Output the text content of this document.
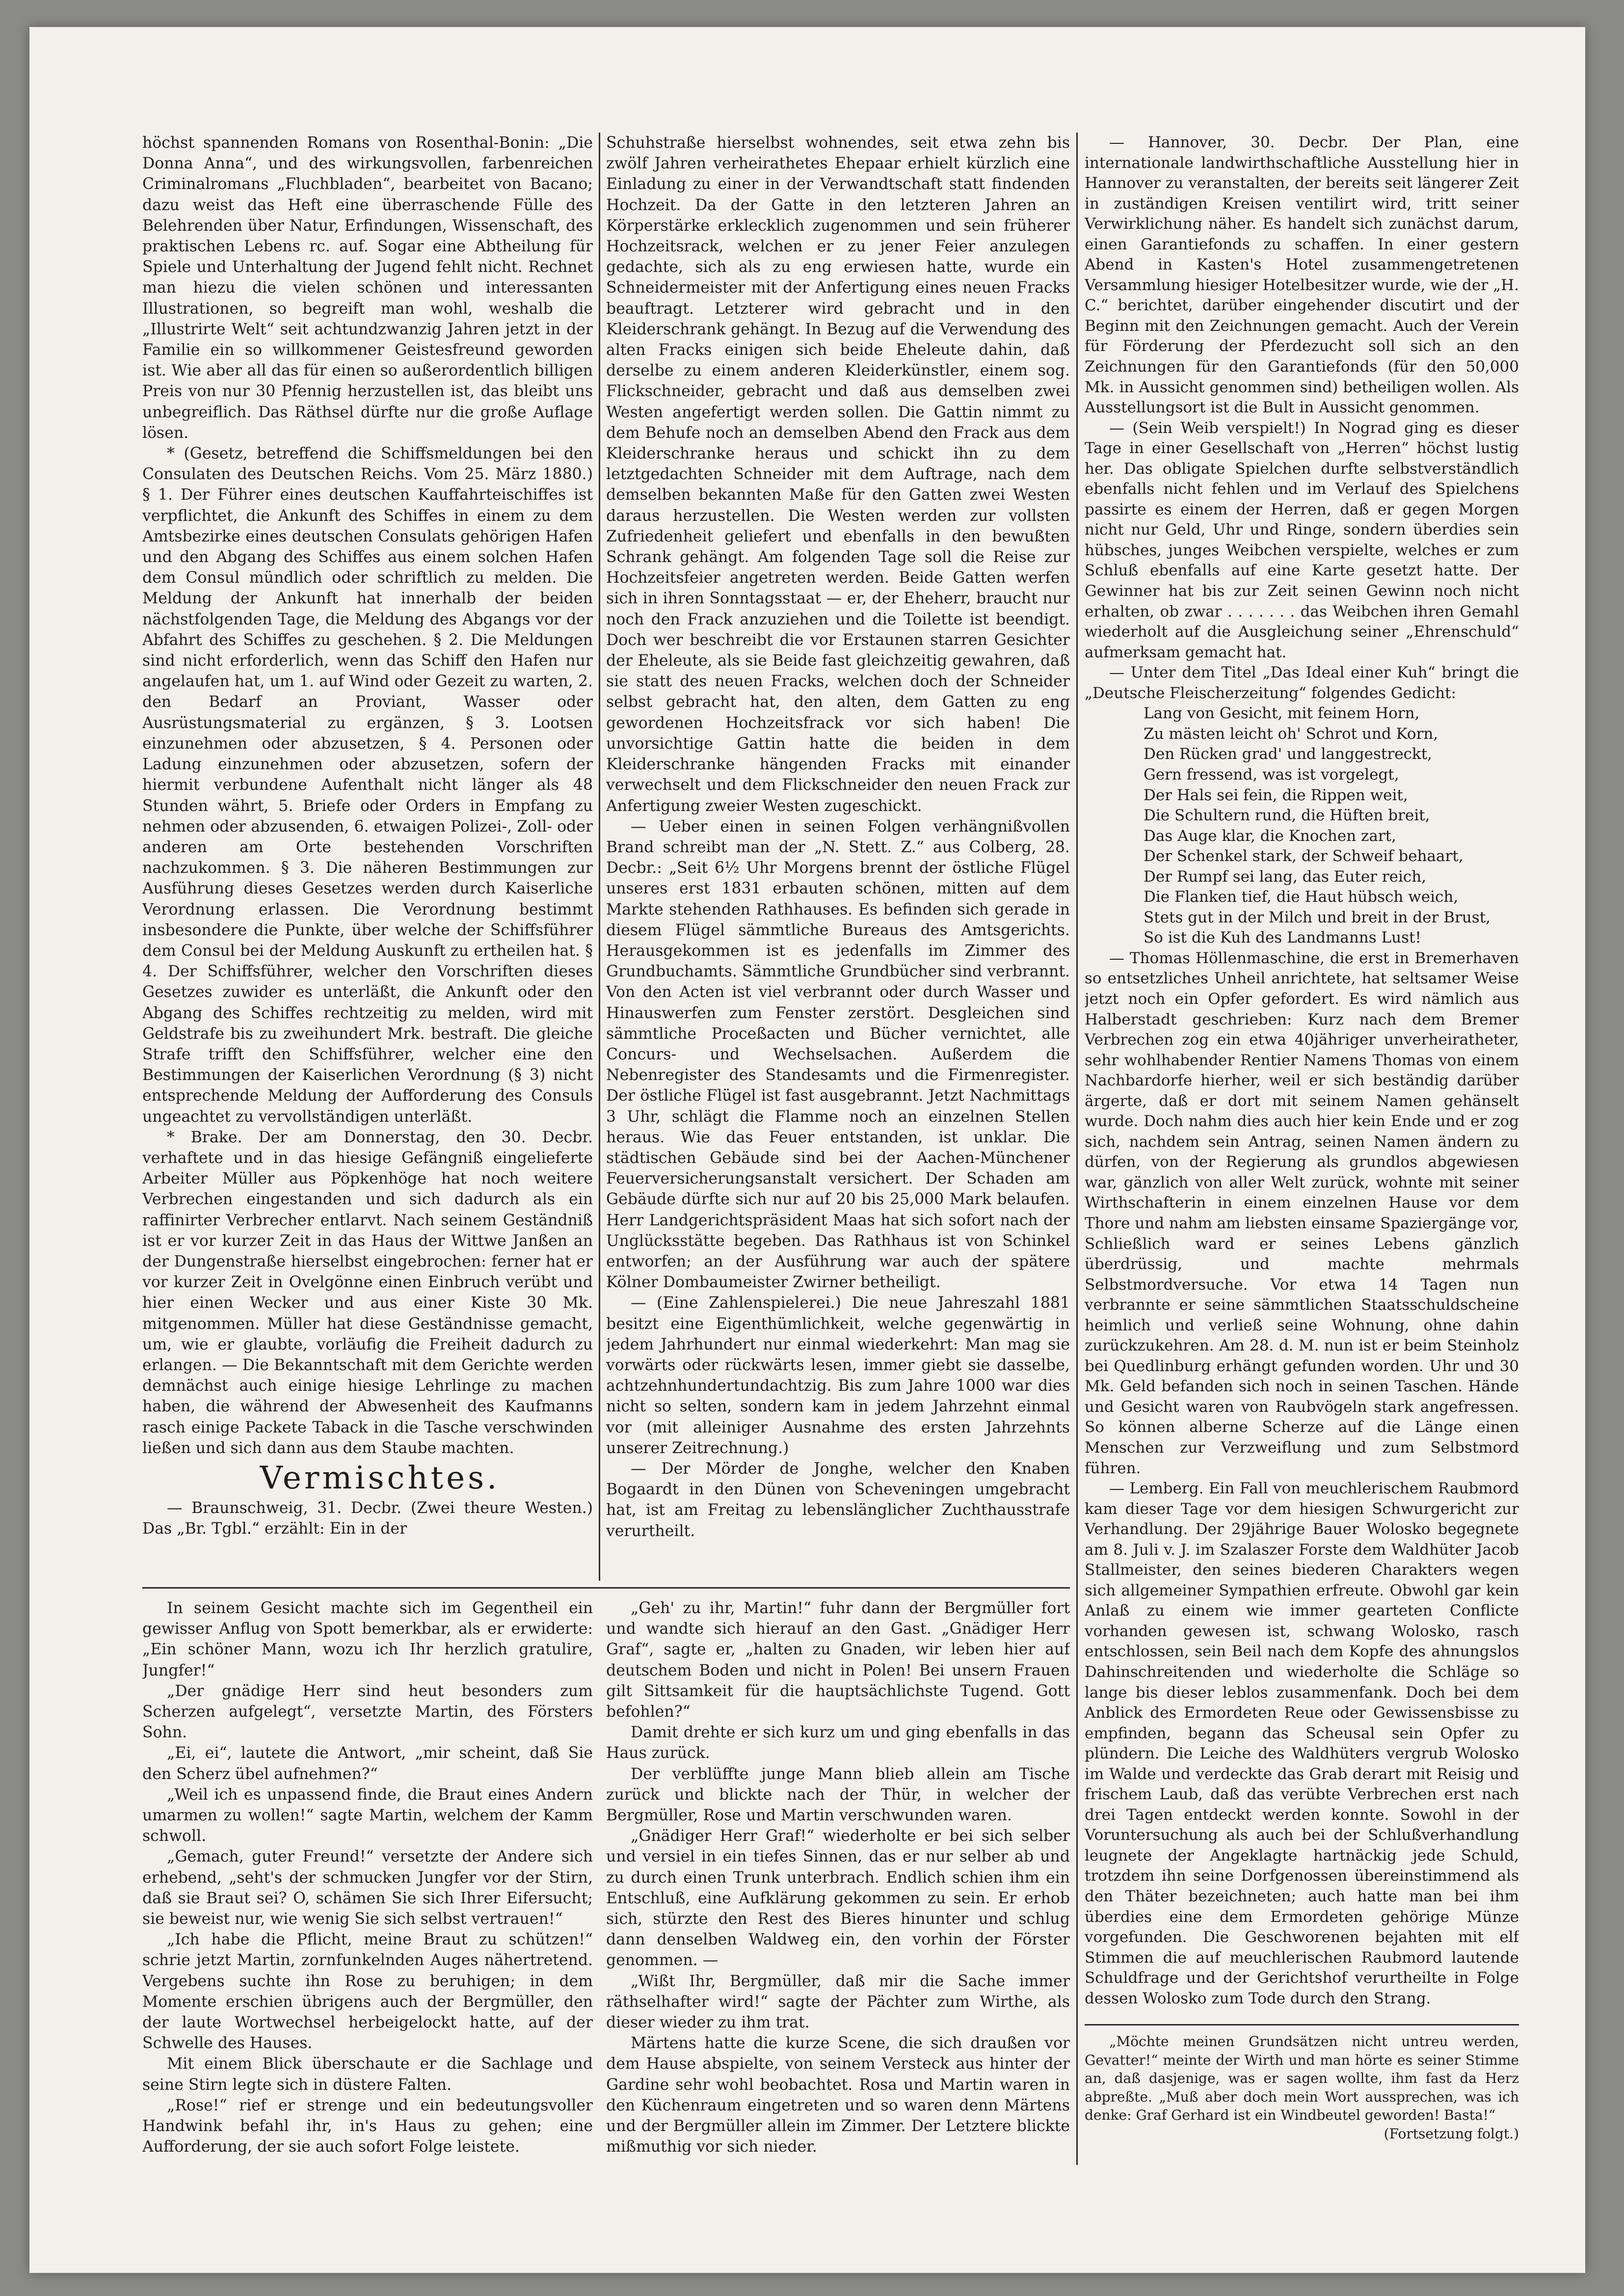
höchst spannenden Romans von Rosenthal-Bonin: „Die Donna Anna“, und des wirkungsvollen, farbenreichen Criminalromans „Fluchbladen“, bearbeitet von Bacano; dazu weist das Heft eine überraschende Fülle des Belehrenden über Natur, Erfindungen, Wissenschaft, des praktischen Lebens rc. auf. Sogar eine Abtheilung für Spiele und Unterhaltung der Jugend fehlt nicht. Rechnet man hiezu die vielen schönen und interessanten Illustrationen, so begreift man wohl, weshalb die „Illustrirte Welt“ seit achtundzwanzig Jahren jetzt in der Familie ein so willkommener Geistesfreund geworden ist. Wie aber all das für einen so außerordentlich billigen Preis von nur 30 Pfennig herzustellen ist, das bleibt uns unbegreiflich. Das Räthsel dürfte nur die große Auflage lösen.

* (Gesetz, betreffend die Schiffsmeldungen bei den Consulaten des Deutschen Reichs. Vom 25. März 1880.) § 1. Der Führer eines deutschen Kauffahrteischiffes ist verpflichtet, die Ankunft des Schiffes in einem zu dem Amtsbezirke eines deutschen Consulats gehörigen Hafen und den Abgang des Schiffes aus einem solchen Hafen dem Consul mündlich oder schriftlich zu melden. Die Meldung der Ankunft hat innerhalb der beiden nächstfolgenden Tage, die Meldung des Abgangs vor der Abfahrt des Schiffes zu geschehen. § 2. Die Meldungen sind nicht erforderlich, wenn das Schiff den Hafen nur angelaufen hat, um 1. auf Wind oder Gezeit zu warten, 2. den Bedarf an Proviant, Wasser oder Ausrüstungsmaterial zu ergänzen, § 3. Lootsen einzunehmen oder abzusetzen, § 4. Personen oder Ladung einzunehmen oder abzusetzen, sofern der hiermit verbundene Aufenthalt nicht länger als 48 Stunden währt, 5. Briefe oder Orders in Empfang zu nehmen oder abzusenden, 6. etwaigen Polizei-, Zoll- oder anderen am Orte bestehenden Vorschriften nachzukommen. § 3. Die näheren Bestimmungen zur Ausführung dieses Gesetzes werden durch Kaiserliche Verordnung erlassen. Die Verordnung bestimmt insbesondere die Punkte, über welche der Schiffsführer dem Consul bei der Meldung Auskunft zu ertheilen hat. § 4. Der Schiffsführer, welcher den Vorschriften dieses Gesetzes zuwider es unterläßt, die Ankunft oder den Abgang des Schiffes rechtzeitig zu melden, wird mit Geldstrafe bis zu zweihundert Mrk. bestraft. Die gleiche Strafe trifft den Schiffsführer, welcher eine den Bestimmungen der Kaiserlichen Verordnung (§ 3) nicht entsprechende Meldung der Aufforderung des Consuls ungeachtet zu vervollständigen unterläßt.

* Brake. Der am Donnerstag, den 30. Decbr. verhaftete und in das hiesige Gefängniß eingelieferte Arbeiter Müller aus Pöpkenhöge hat noch weitere Verbrechen eingestanden und sich dadurch als ein raffinirter Verbrecher entlarvt. Nach seinem Geständniß ist er vor kurzer Zeit in das Haus der Wittwe Janßen an der Dungenstraße hierselbst eingebrochen: ferner hat er vor kurzer Zeit in Ovelgönne einen Einbruch verübt und hier einen Wecker und aus einer Kiste 30 Mk. mitgenommen. Müller hat diese Geständnisse gemacht, um, wie er glaubte, vorläufig die Freiheit dadurch zu erlangen. — Die Bekanntschaft mit dem Gerichte werden demnächst auch einige hiesige Lehrlinge zu machen haben, die während der Abwesenheit des Kaufmanns rasch einige Packete Taback in die Tasche verschwinden ließen und sich dann aus dem Staube machten.

Vermischtes.

— Braunschweig, 31. Decbr. (Zwei theure Westen.) Das „Br. Tgbl.“ erzählt: Ein in der

Schuhstraße hierselbst wohnendes, seit etwa zehn bis zwölf Jahren verheirathetes Ehepaar erhielt kürzlich eine Einladung zu einer in der Verwandtschaft statt findenden Hochzeit. Da der Gatte in den letzteren Jahren an Körperstärke erklecklich zugenommen und sein früherer Hochzeitsrack, welchen er zu jener Feier anzulegen gedachte, sich als zu eng erwiesen hatte, wurde ein Schneidermeister mit der Anfertigung eines neuen Fracks beauftragt. Letzterer wird gebracht und in den Kleiderschrank gehängt. In Bezug auf die Verwendung des alten Fracks einigen sich beide Eheleute dahin, daß derselbe zu einem anderen Kleiderkünstler, einem sog. Flickschneider, gebracht und daß aus demselben zwei Westen angefertigt werden sollen. Die Gattin nimmt zu dem Behufe noch an demselben Abend den Frack aus dem Kleiderschranke heraus und schickt ihn zu dem letztgedachten Schneider mit dem Auftrage, nach dem demselben bekannten Maße für den Gatten zwei Westen daraus herzustellen. Die Westen werden zur vollsten Zufriedenheit geliefert und ebenfalls in den bewußten Schrank gehängt. Am folgenden Tage soll die Reise zur Hochzeitsfeier angetreten werden. Beide Gatten werfen sich in ihren Sonntagsstaat — er, der Eheherr, braucht nur noch den Frack anzuziehen und die Toilette ist beendigt. Doch wer beschreibt die vor Erstaunen starren Gesichter der Eheleute, als sie Beide fast gleichzeitig gewahren, daß sie statt des neuen Fracks, welchen doch der Schneider selbst gebracht hat, den alten, dem Gatten zu eng gewordenen Hochzeitsfrack vor sich haben! Die unvorsichtige Gattin hatte die beiden in dem Kleiderschranke hängenden Fracks mit einander verwechselt und dem Flickschneider den neuen Frack zur Anfertigung zweier Westen zugeschickt.

— Ueber einen in seinen Folgen verhängnißvollen Brand schreibt man der „N. Stett. Z.“ aus Colberg, 28. Decbr.: „Seit 6½ Uhr Morgens brennt der östliche Flügel unseres erst 1831 erbauten schönen, mitten auf dem Markte stehenden Rathhauses. Es befinden sich gerade in diesem Flügel sämmtliche Bureaus des Amtsgerichts. Herausgekommen ist es jedenfalls im Zimmer des Grundbuchamts. Sämmtliche Grundbücher sind verbrannt. Von den Acten ist viel verbrannt oder durch Wasser und Hinauswerfen zum Fenster zerstört. Desgleichen sind sämmtliche Proceßacten und Bücher vernichtet, alle Concurs- und Wechselsachen. Außerdem die Nebenregister des Standesamts und die Firmenregister. Der östliche Flügel ist fast ausgebrannt. Jetzt Nachmittags 3 Uhr, schlägt die Flamme noch an einzelnen Stellen heraus. Wie das Feuer entstanden, ist unklar. Die städtischen Gebäude sind bei der Aachen-Münchener Feuerversicherungsanstalt versichert. Der Schaden am Gebäude dürfte sich nur auf 20 bis 25,000 Mark belaufen. Herr Landgerichtspräsident Maas hat sich sofort nach der Unglücksstätte begeben. Das Rathhaus ist von Schinkel entworfen; an der Ausführung war auch der spätere Kölner Dombaumeister Zwirner betheiligt.

— (Eine Zahlenspielerei.) Die neue Jahreszahl 1881 besitzt eine Eigenthümlichkeit, welche gegenwärtig in jedem Jahrhundert nur einmal wiederkehrt: Man mag sie vorwärts oder rückwärts lesen, immer giebt sie dasselbe, achtzehnhundertundachtzig. Bis zum Jahre 1000 war dies nicht so selten, sondern kam in jedem Jahrzehnt einmal vor (mit alleiniger Ausnahme des ersten Jahrzehnts unserer Zeitrechnung.)

— Der Mörder de Jonghe, welcher den Knaben Bogaardt in den Dünen von Scheveningen umgebracht hat, ist am Freitag zu lebenslänglicher Zuchthausstrafe verurtheilt.

— Hannover, 30. Decbr. Der Plan, eine internationale landwirthschaftliche Ausstellung hier in Hannover zu veranstalten, der bereits seit längerer Zeit in zuständigen Kreisen ventilirt wird, tritt seiner Verwirklichung näher. Es handelt sich zunächst darum, einen Garantiefonds zu schaffen. In einer gestern Abend in Kasten's Hotel zusammengetretenen Versammlung hiesiger Hotelbesitzer wurde, wie der „H. C.“ berichtet, darüber eingehender discutirt und der Beginn mit den Zeichnungen gemacht. Auch der Verein für Förderung der Pferdezucht soll sich an den Zeichnungen für den Garantiefonds (für den 50,000 Mk. in Aussicht genommen sind) betheiligen wollen. Als Ausstellungsort ist die Bult in Aussicht genommen.

— (Sein Weib verspielt!) In Nograd ging es dieser Tage in einer Gesellschaft von „Herren“ höchst lustig her. Das obligate Spielchen durfte selbstverständlich ebenfalls nicht fehlen und im Verlauf des Spielchens passirte es einem der Herren, daß er gegen Morgen nicht nur Geld, Uhr und Ringe, sondern überdies sein hübsches, junges Weibchen verspielte, welches er zum Schluß ebenfalls auf eine Karte gesetzt hatte. Der Gewinner hat bis zur Zeit seinen Gewinn noch nicht erhalten, ob zwar . . . . . . . das Weibchen ihren Gemahl wiederholt auf die Ausgleichung seiner „Ehrenschuld“ aufmerksam gemacht hat.

— Unter dem Titel „Das Ideal einer Kuh“ bringt die „Deutsche Fleischerzeitung“ folgendes Gedicht:

Lang von Gesicht, mit feinem Horn,

Zu mästen leicht oh' Schrot und Korn,

Den Rücken grad' und langgestreckt,

Gern fressend, was ist vorgelegt,

Der Hals sei fein, die Rippen weit,

Die Schultern rund, die Hüften breit,

Das Auge klar, die Knochen zart,

Der Schenkel stark, der Schweif behaart,

Der Rumpf sei lang, das Euter reich,

Die Flanken tief, die Haut hübsch weich,

Stets gut in der Milch und breit in der Brust,

So ist die Kuh des Landmanns Lust!

— Thomas Höllenmaschine, die erst in Bremerhaven so entsetzliches Unheil anrichtete, hat seltsamer Weise jetzt noch ein Opfer gefordert. Es wird nämlich aus Halberstadt geschrieben: Kurz nach dem Bremer Verbrechen zog ein etwa 40jähriger unverheiratheter, sehr wohlhabender Rentier Namens Thomas von einem Nachbardorfe hierher, weil er sich beständig darüber ärgerte, daß er dort mit seinem Namen gehänselt wurde. Doch nahm dies auch hier kein Ende und er zog sich, nachdem sein Antrag, seinen Namen ändern zu dürfen, von der Regierung als grundlos abgewiesen war, gänzlich von aller Welt zurück, wohnte mit seiner Wirthschafterin in einem einzelnen Hause vor dem Thore und nahm am liebsten einsame Spaziergänge vor, Schließlich ward er seines Lebens gänzlich überdrüssig, und machte mehrmals Selbstmordversuche. Vor etwa 14 Tagen nun verbrannte er seine sämmtlichen Staatsschuldscheine heimlich und verließ seine Wohnung, ohne dahin zurückzukehren. Am 28. d. M. nun ist er beim Steinholz bei Quedlinburg erhängt gefunden worden. Uhr und 30 Mk. Geld befanden sich noch in seinen Taschen. Hände und Gesicht waren von Raubvögeln stark angefressen. So können alberne Scherze auf die Länge einen Menschen zur Verzweiflung und zum Selbstmord führen.

— Lemberg. Ein Fall von meuchlerischem Raubmord kam dieser Tage vor dem hiesigen Schwurgericht zur Verhandlung. Der 29jährige Bauer Wolosko begegnete am 8. Juli v. J. im Szalaszer Forste dem Waldhüter Jacob Stallmeister, den seines biederen Charakters wegen sich allgemeiner Sympathien erfreute. Obwohl gar kein Anlaß zu einem wie immer gearteten Conflicte vorhanden gewesen ist, schwang Wolosko, rasch entschlossen, sein Beil nach dem Kopfe des ahnungslos Dahinschreitenden und wiederholte die Schläge so lange bis dieser leblos zusammenfank. Doch bei dem Anblick des Ermordeten Reue oder Gewissensbisse zu empfinden, begann das Scheusal sein Opfer zu plündern. Die Leiche des Waldhüters vergrub Wolosko im Walde und verdeckte das Grab derart mit Reisig und frischem Laub, daß das verübte Verbrechen erst nach drei Tagen entdeckt werden konnte. Sowohl in der Voruntersuchung als auch bei der Schlußverhandlung leugnete der Angeklagte hartnäckig jede Schuld, trotzdem ihn seine Dorfgenossen übereinstimmend als den Thäter bezeichneten; auch hatte man bei ihm überdies eine dem Ermordeten gehörige Münze vorgefunden. Die Geschworenen bejahten mit elf Stimmen die auf meuchlerischen Raubmord lautende Schuldfrage und der Gerichtshof verurtheilte in Folge dessen Wolosko zum Tode durch den Strang.

In seinem Gesicht machte sich im Gegentheil ein gewisser Anflug von Spott bemerkbar, als er erwiderte: „Ein schöner Mann, wozu ich Ihr herzlich gratulire, Jungfer!“

„Der gnädige Herr sind heut besonders zum Scherzen aufgelegt“, versetzte Martin, des Försters Sohn.

„Ei, ei“, lautete die Antwort, „mir scheint, daß Sie den Scherz übel aufnehmen?“

„Weil ich es unpassend finde, die Braut eines Andern umarmen zu wollen!“ sagte Martin, welchem der Kamm schwoll.

„Gemach, guter Freund!“ versetzte der Andere sich erhebend, „seht's der schmucken Jungfer vor der Stirn, daß sie Braut sei? O, schämen Sie sich Ihrer Eifersucht; sie beweist nur, wie wenig Sie sich selbst vertrauen!“

„Ich habe die Pflicht, meine Braut zu schützen!“ schrie jetzt Martin, zornfunkelnden Auges nähertretend. Vergebens suchte ihn Rose zu beruhigen; in dem Momente erschien übrigens auch der Bergmüller, den der laute Wortwechsel herbeigelockt hatte, auf der Schwelle des Hauses.

Mit einem Blick überschaute er die Sachlage und seine Stirn legte sich in düstere Falten.

„Rose!“ rief er strenge und ein bedeutungsvoller Handwink befahl ihr, in's Haus zu gehen; eine Aufforderung, der sie auch sofort Folge leistete.

„Geh' zu ihr, Martin!“ fuhr dann der Bergmüller fort und wandte sich hierauf an den Gast. „Gnädiger Herr Graf“, sagte er, „halten zu Gnaden, wir leben hier auf deutschem Boden und nicht in Polen! Bei unsern Frauen gilt Sittsamkeit für die hauptsächlichste Tugend. Gott befohlen?“

Damit drehte er sich kurz um und ging ebenfalls in das Haus zurück.

Der verblüffte junge Mann blieb allein am Tische zurück und blickte nach der Thür, in welcher der Bergmüller, Rose und Martin verschwunden waren.

„Gnädiger Herr Graf!“ wiederholte er bei sich selber und versiel in ein tiefes Sinnen, das er nur selber ab und zu durch einen Trunk unterbrach. Endlich schien ihm ein Entschluß, eine Aufklärung gekommen zu sein. Er erhob sich, stürzte den Rest des Bieres hinunter und schlug dann denselben Waldweg ein, den vorhin der Förster genommen. —

„Wißt Ihr, Bergmüller, daß mir die Sache immer räthselhafter wird!“ sagte der Pächter zum Wirthe, als dieser wieder zu ihm trat.

Märtens hatte die kurze Scene, die sich draußen vor dem Hause abspielte, von seinem Versteck aus hinter der Gardine sehr wohl beobachtet. Rosa und Martin waren in den Küchenraum eingetreten und so waren denn Märtens und der Bergmüller allein im Zimmer. Der Letztere blickte mißmuthig vor sich nieder.

„Möchte meinen Grundsätzen nicht untreu werden, Gevatter!“ meinte der Wirth und man hörte es seiner Stimme an, daß dasjenige, was er sagen wollte, ihm fast da Herz abpreßte. „Muß aber doch mein Wort aussprechen, was ich denke: Graf Gerhard ist ein Windbeutel geworden! Basta!“

(Fortsetzung folgt.)
